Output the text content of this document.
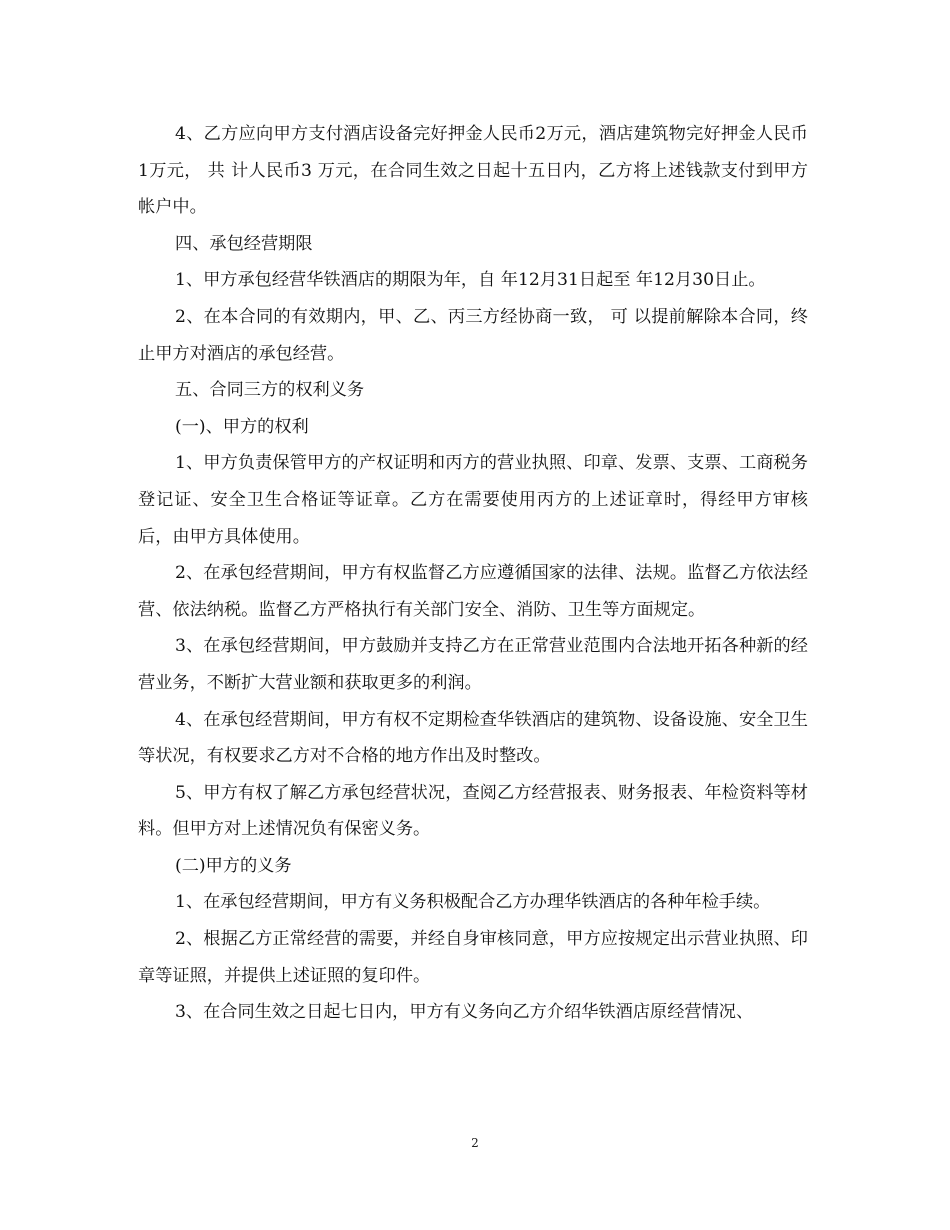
4、乙方应向甲方支付酒店设备完好押金人民币2万元，酒店建筑物完好押金人民币1万元， 共 计人民币3 万元，在合同生效之日起十五日内，乙方将上述钱款支付到甲方帐户中。

四、承包经营期限

1、甲方承包经营华铁酒店的期限为年，自 年12月31日起至 年12月30日止。

2、在本合同的有效期内，甲、乙、丙三方经协商一致， 可 以提前解除本合同，终止甲方对酒店的承包经营。

五、合同三方的权利义务

(一)、甲方的权利

1、甲方负责保管甲方的产权证明和丙方的营业执照、印章、发票、支票、工商税务登记证、安全卫生合格证等证章。乙方在需要使用丙方的上述证章时，得经甲方审核 后，由甲方具体使用。

2、在承包经营期间，甲方有权监督乙方应遵循国家的法律、法规。监督乙方依法经营、依法纳税。监督乙方严格执行有关部门安全、消防、卫生等方面规定。

3、在承包经营期间，甲方鼓励并支持乙方在正常营业范围内合法地开拓各种新的经营业务，不断扩大营业额和获取更多的利润。

4、在承包经营期间，甲方有权不定期检查华铁酒店的建筑物、设备设施、安全卫生等状况，有权要求乙方对不合格的地方作出及时整改。

5、甲方有权了解乙方承包经营状况，查阅乙方经营报表、财务报表、年检资料等材料。但甲方对上述情况负有保密义务。

(二)甲方的义务

1、在承包经营期间，甲方有义务积极配合乙方办理华铁酒店的各种年检手续。

2、根据乙方正常经营的需要，并经自身审核同意，甲方应按规定出示营业执照、印章等证照，并提供上述证照的复印件。

3、在合同生效之日起七日内，甲方有义务向乙方介绍华铁酒店原经营情况、

2
